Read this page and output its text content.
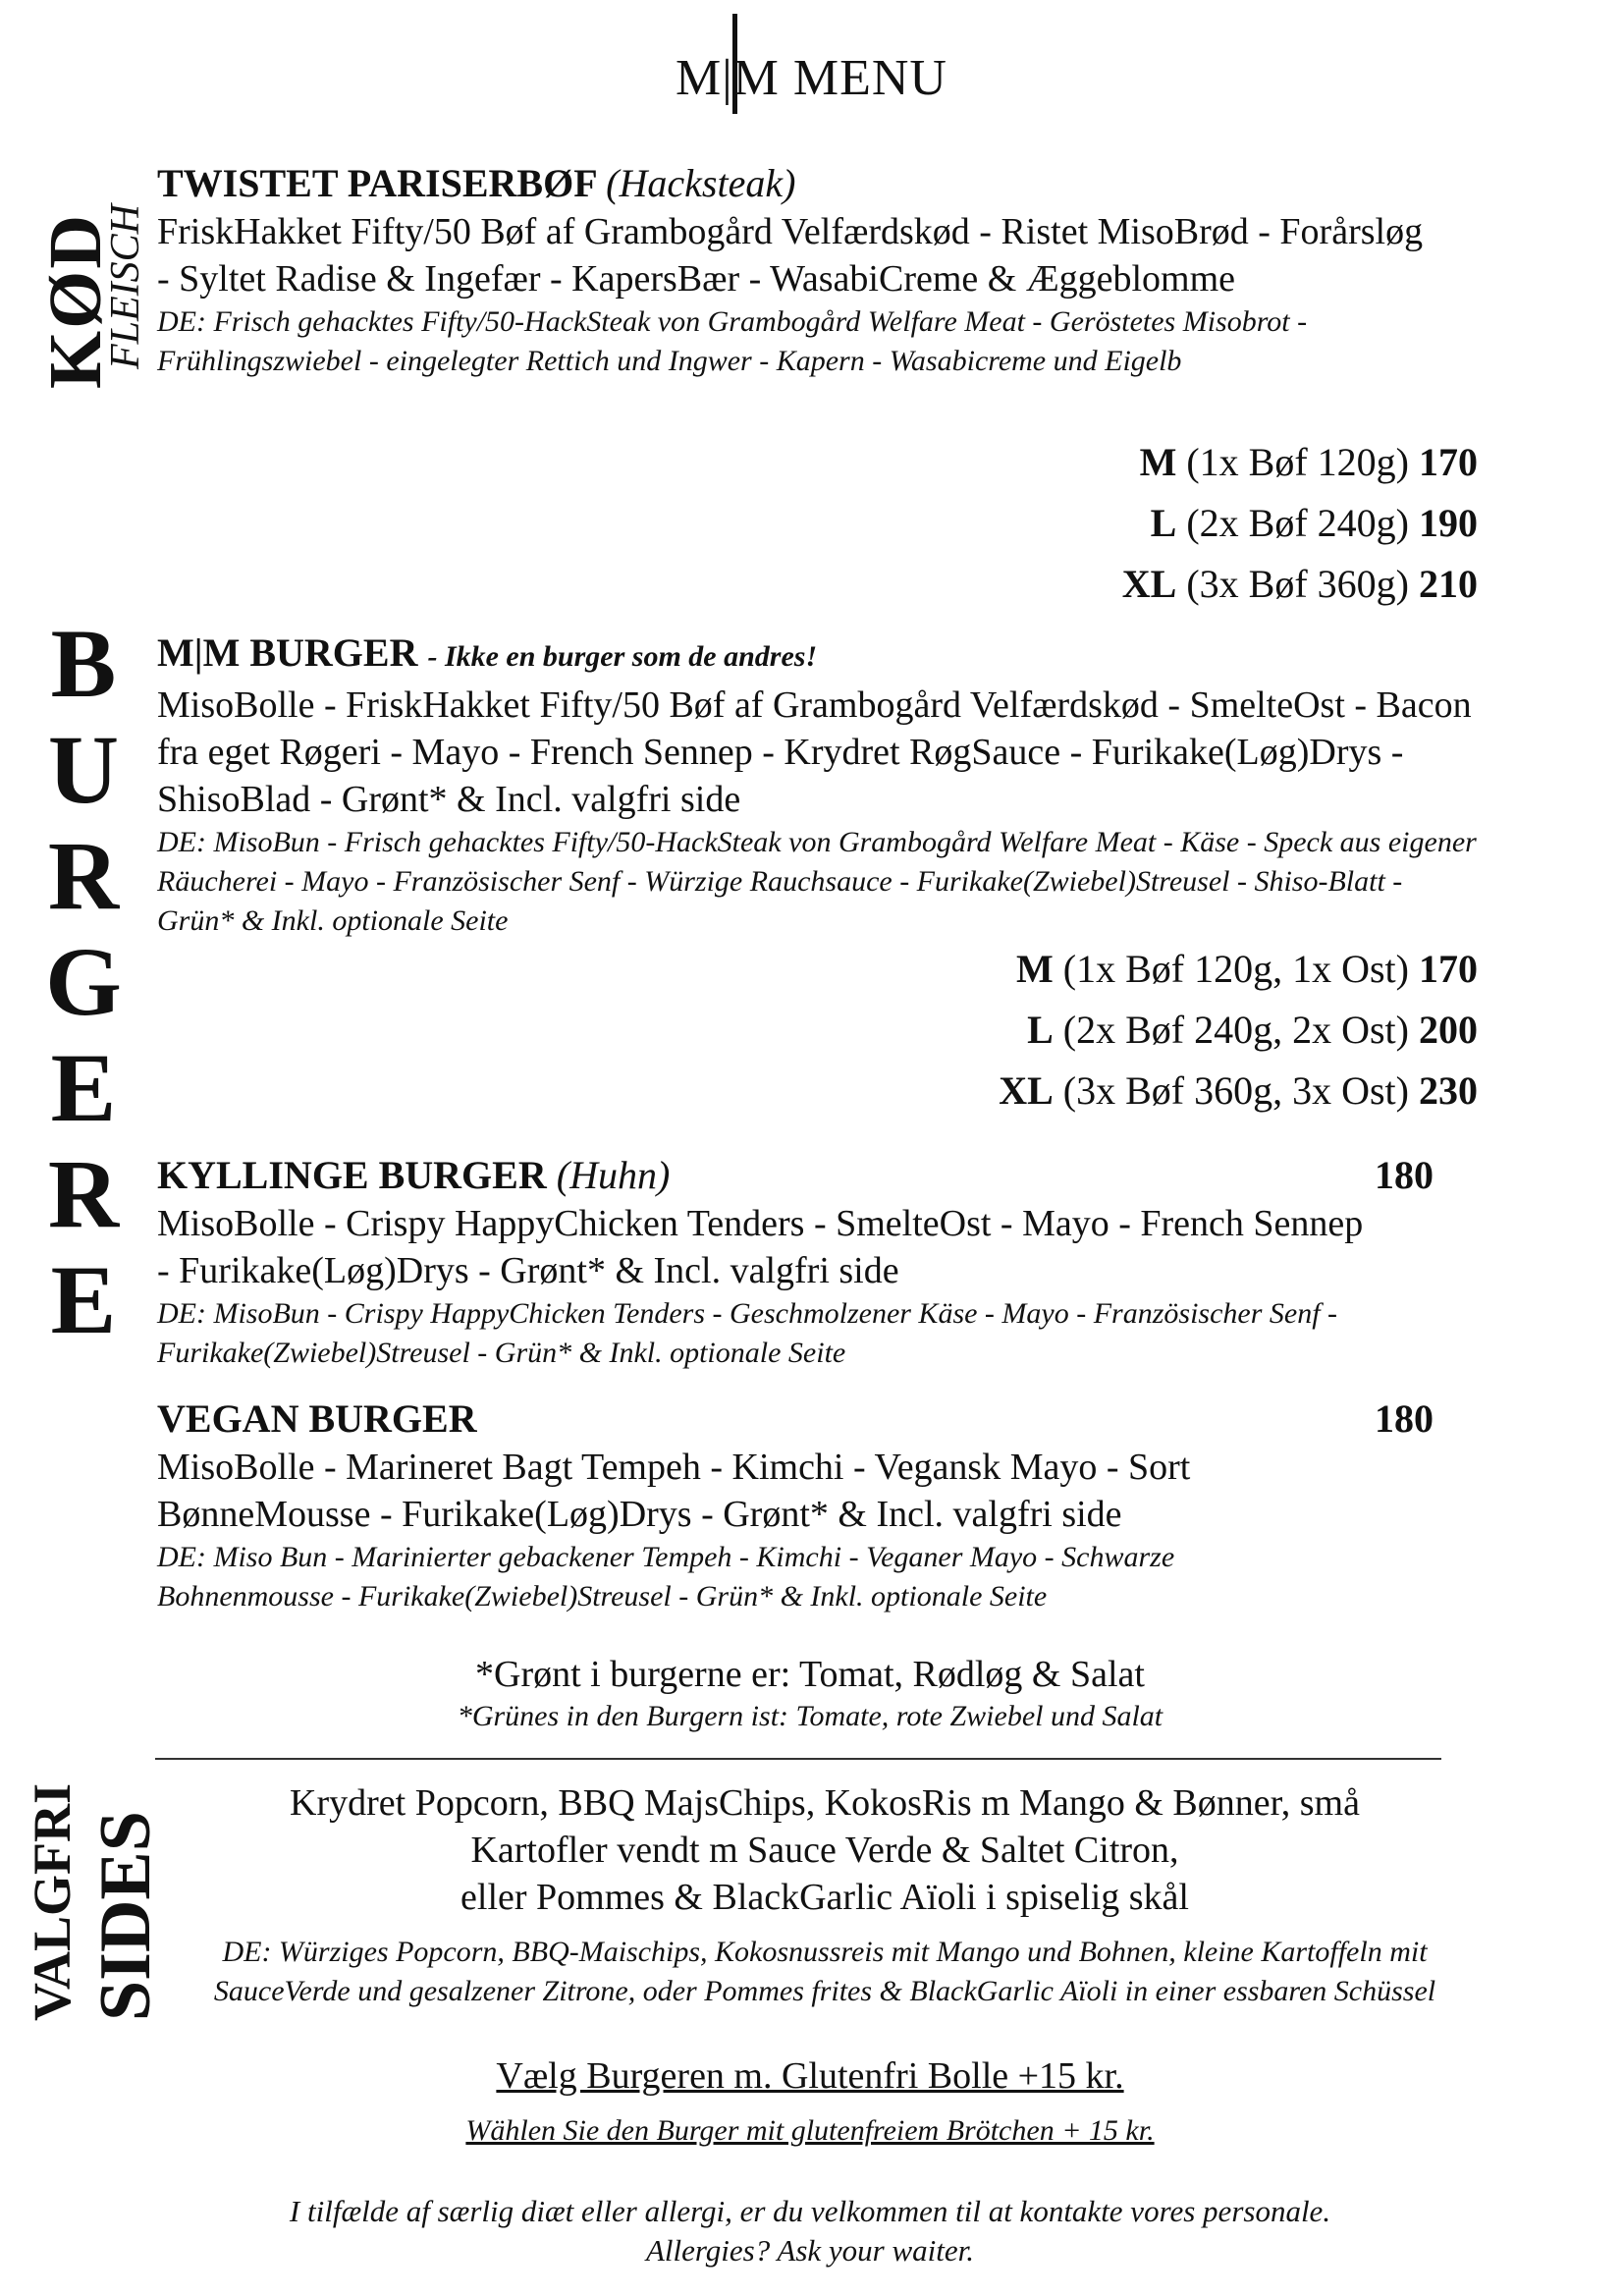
M|M MENU
KØD
FLEISCH
B
U
R
G
E
R
E
VALGFRI SIDES
TWISTET PARISERBØF (Hacksteak)
FriskHakket Fifty/50 Bøf af Grambogård Velfærdskød - Ristet MisoBrød - Forårsløg - Syltet Radise & Ingefær - KapersBær - WasabiCreme & Æggeblomme
DE: Frisch gehacktes Fifty/50-HackSteak von Grambogård Welfare Meat - Geröstetes Misobrot - Frühlingszwiebel - eingelegter Rettich und Ingwer - Kapern - Wasabicreme und Eigelb
M (1x Bøf 120g) 170
L (2x Bøf 240g) 190
XL (3x Bøf 360g) 210
M|M BURGER - Ikke en burger som de andres!
MisoBolle - FriskHakket Fifty/50 Bøf af Grambogård Velfærdskød - SmelteOst - Bacon fra eget Røgeri - Mayo - French Sennep - Krydret RøgSauce - Furikake(Løg)Drys - ShisoBlad - Grønt* & Incl. valgfri side
DE: MisoBun - Frisch gehacktes Fifty/50-HackSteak von Grambogård Welfare Meat - Käse - Speck aus eigener Räucherei - Mayo - Französischer Senf - Würzige Rauchsauce - Furikake(Zwiebel)Streusel - Shiso-Blatt - Grün* & Inkl. optionale Seite
M (1x Bøf 120g, 1x Ost) 170
L (2x Bøf 240g, 2x Ost) 200
XL (3x Bøf 360g, 3x Ost) 230
KYLLINGE BURGER (Huhn)	180
MisoBolle - Crispy HappyChicken Tenders - SmelteOst - Mayo - French Sennep - Furikake(Løg)Drys - Grønt* & Incl. valgfri side
DE: MisoBun - Crispy HappyChicken Tenders - Geschmolzener Käse - Mayo - Französischer Senf - Furikake(Zwiebel)Streusel - Grün* & Inkl. optionale Seite
VEGAN BURGER	180
MisoBolle - Marineret Bagt Tempeh - Kimchi - Vegansk Mayo - Sort BønneMousse - Furikake(Løg)Drys - Grønt* & Incl. valgfri side
DE: Miso Bun - Marinierter gebackener Tempeh - Kimchi - Veganer Mayo - Schwarze Bohnenmousse - Furikake(Zwiebel)Streusel - Grün* & Inkl. optionale Seite
*Grønt i burgerne er: Tomat, Rødløg & Salat
*Grünes in den Burgern ist: Tomate, rote Zwiebel und Salat
Krydret Popcorn, BBQ MajsChips, KokosRis m Mango & Bønner, små
Kartofler vendt m Sauce Verde & Saltet Citron,
eller Pommes & BlackGarlic Aïoli i spiselig skål
DE: Würziges Popcorn, BBQ-Maischips, Kokosnussreis mit Mango und Bohnen, kleine Kartoffeln mit SauceVerde und gesalzener Zitrone, oder Pommes frites & BlackGarlic Aïoli in einer essbaren Schüssel
Vælg Burgeren m. Glutenfri Bolle +15 kr.
Wählen Sie den Burger mit glutenfreiem Brötchen + 15 kr.
I tilfælde af særlig diæt eller allergi, er du velkommen til at kontakte vores personale.
Allergies? Ask your waiter.
